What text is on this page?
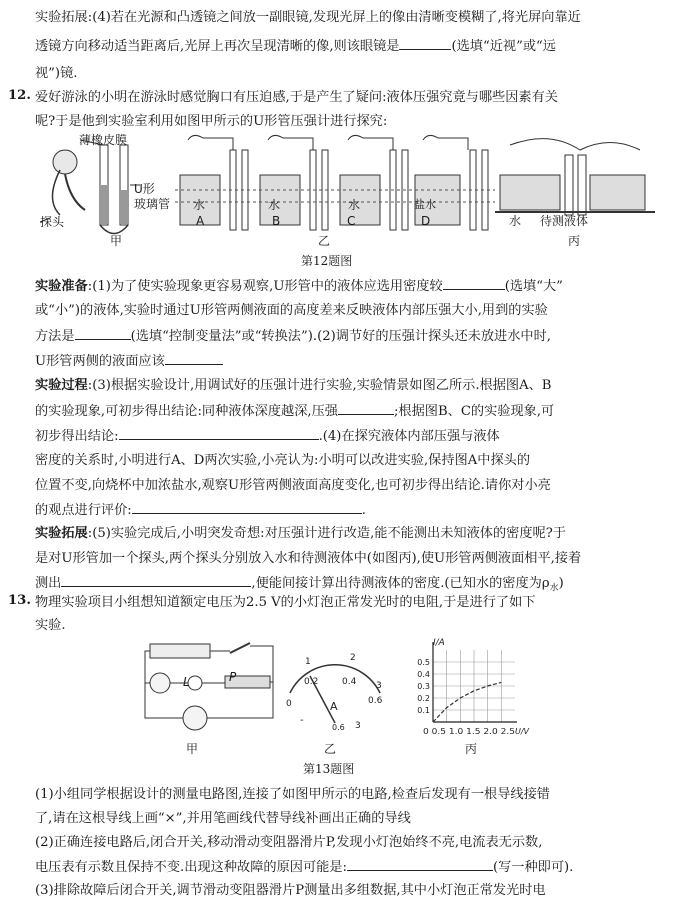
实验拓展:(4)若在光源和凸透镜之间放一副眼镜,发现光屏上的像由清晰变模糊了,将光屏向靠近
透镜方向移动适当距离后,光屏上再次呈现清晰的像,则该眼镜是	(选填“近视”或“远
视”)镜.
12. 爱好游泳的小明在游泳时感觉胸口有压迫感,于是产生了疑问:液体压强究竟与哪些因素有关
呢?于是他到实验室利用如图甲所示的U形管压强计进行探究:
薄橡皮膜
U形
玻璃管
探头
甲
水	水	水	盐水
A	B	C	D
乙
水 待测液体
丙
第12题图
实验准备:(1)为了使实验现象更容易观察,U形管中的液体应选用密度较	(选填“大”
或“小”)的液体,实验时通过U形管两侧液面的高度差来反映液体内部压强大小,用到的实验
方法是	(选填“控制变量法”或“转换法”).(2)调节好的压强计探头还未放进水中时,
U形管两侧的液面应该
实验过程:(3)根据实验设计,用调试好的压强计进行实验,实验情景如图乙所示.根据图A、B
的实验现象,可初步得出结论:同种液体深度越深,压强	;根据图B、C的实验现象,可
初步得出结论:	.(4)在探究液体内部压强与液体
密度的关系时,小明进行A、D两次实验,小亮认为:小明可以改进实验,保持图A中探头的
位置不变,向烧杯中加浓盐水,观察U形管两侧液面高度变化,也可初步得出结论.请你对小亮
的观点进行评价:	.
实验拓展:(5)实验完成后,小明突发奇想:对压强计进行改造,能不能测出未知液体的密度呢?于
是对U形管加一个探头,两个探头分别放入水和待测液体中(如图丙),使U形管两侧液面相平,接着
测出	,便能间接计算出待测液体的密度.(已知水的密度为$\rho_水$)
13. 物理实验项目小组想知道额定电压为2.5 V的小灯泡正常发光时的电阻,于是进行了如下
实验.
L	P
甲
0
0.2	0.4
0.6
1	2
3
A
-
0.6 3
乙
0.1
0.2
0.3
0.4
0.5
I/A
0 0.5 1.0 1.5 2.0 2.5 U/V
丙
第13题图
(1)小组同学根据设计的测量电路图,连接了如图甲所示的电路,检查后发现有一根导线接错
了,请在这根导线上画“×”,并用笔画线代替导线补画出正确的导线
(2)正确连接电路后,闭合开关,移动滑动变阻器滑片P,发现小灯泡始终不亮,电流表无示数,
电压表有示数且保持不变.出现这种故障的原因可能是:	(写一种即可).
(3)排除故障后闭合开关,调节滑动变阻器滑片P测量出多组数据,其中小灯泡正常发光时电
